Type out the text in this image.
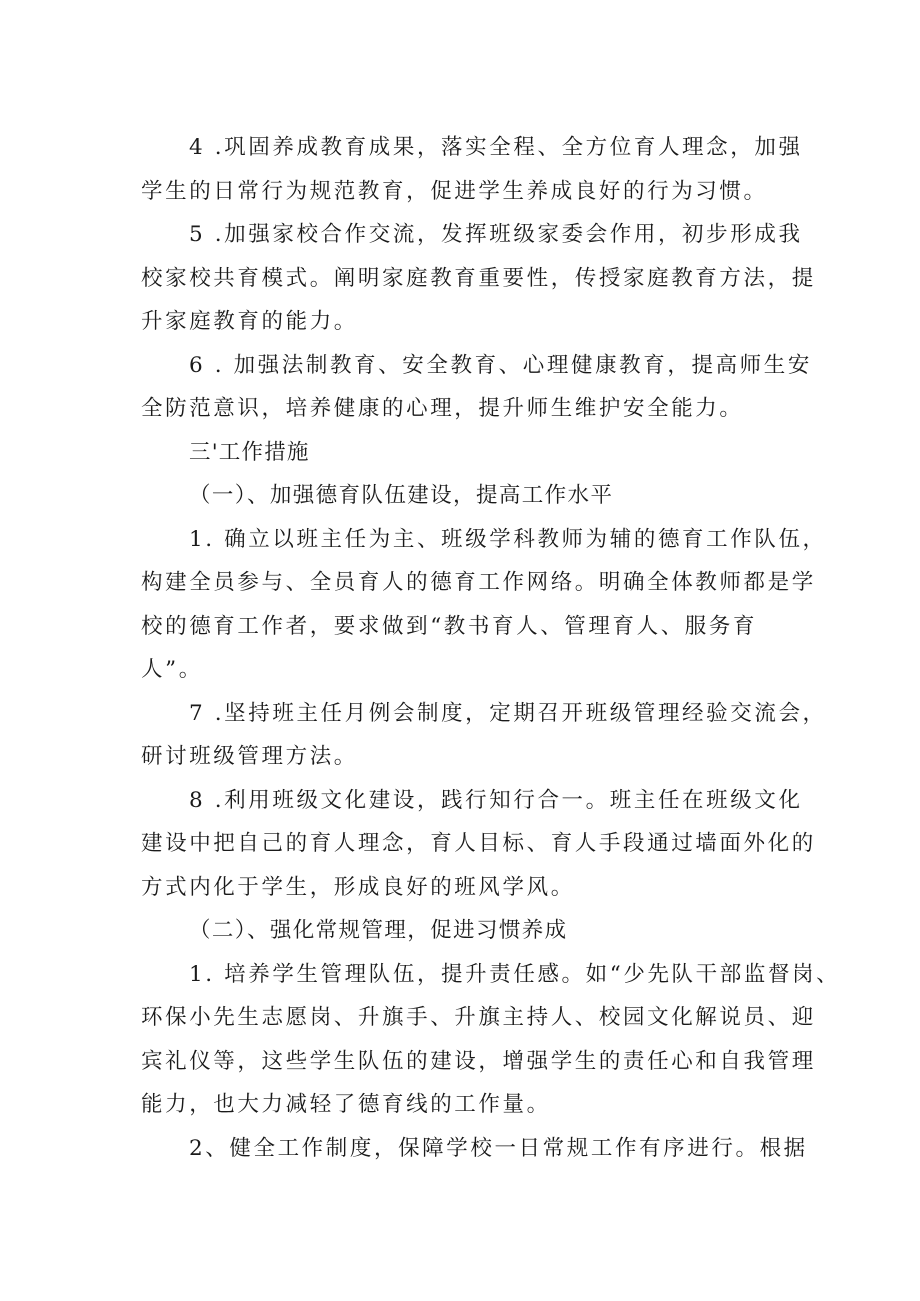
4 .巩固养成教育成果，落实全程、全方位育人理念，加强
学生的日常行为规范教育，促进学生养成良好的行为习惯。

5 .加强家校合作交流，发挥班级家委会作用，初步形成我
校家校共育模式。阐明家庭教育重要性，传授家庭教育方法，提
升家庭教育的能力。

6 . 加强法制教育、安全教育、心理健康教育，提高师生安
全防范意识，培养健康的心理，提升师生维护安全能力。

三'工作措施

（一）、加强德育队伍建设，提高工作水平

1. 确立以班主任为主、班级学科教师为辅的德育工作队伍，
构建全员参与、全员育人的德育工作网络。明确全体教师都是学
校的德育工作者，要求做到“教书育人、管理育人、服务育
人”。

7 .坚持班主任月例会制度，定期召开班级管理经验交流会，
研讨班级管理方法。

8 .利用班级文化建设，践行知行合一。班主任在班级文化
建设中把自己的育人理念，育人目标、育人手段通过墙面外化的
方式内化于学生，形成良好的班风学风。

（二）、强化常规管理，促进习惯养成

1. 培养学生管理队伍，提升责任感。如“少先队干部监督岗、
环保小先生志愿岗、升旗手、升旗主持人、校园文化解说员、迎
宾礼仪等，这些学生队伍的建设，增强学生的责任心和自我管理
能力，也大力减轻了德育线的工作量。

2、健全工作制度，保障学校一日常规工作有序进行。根据
